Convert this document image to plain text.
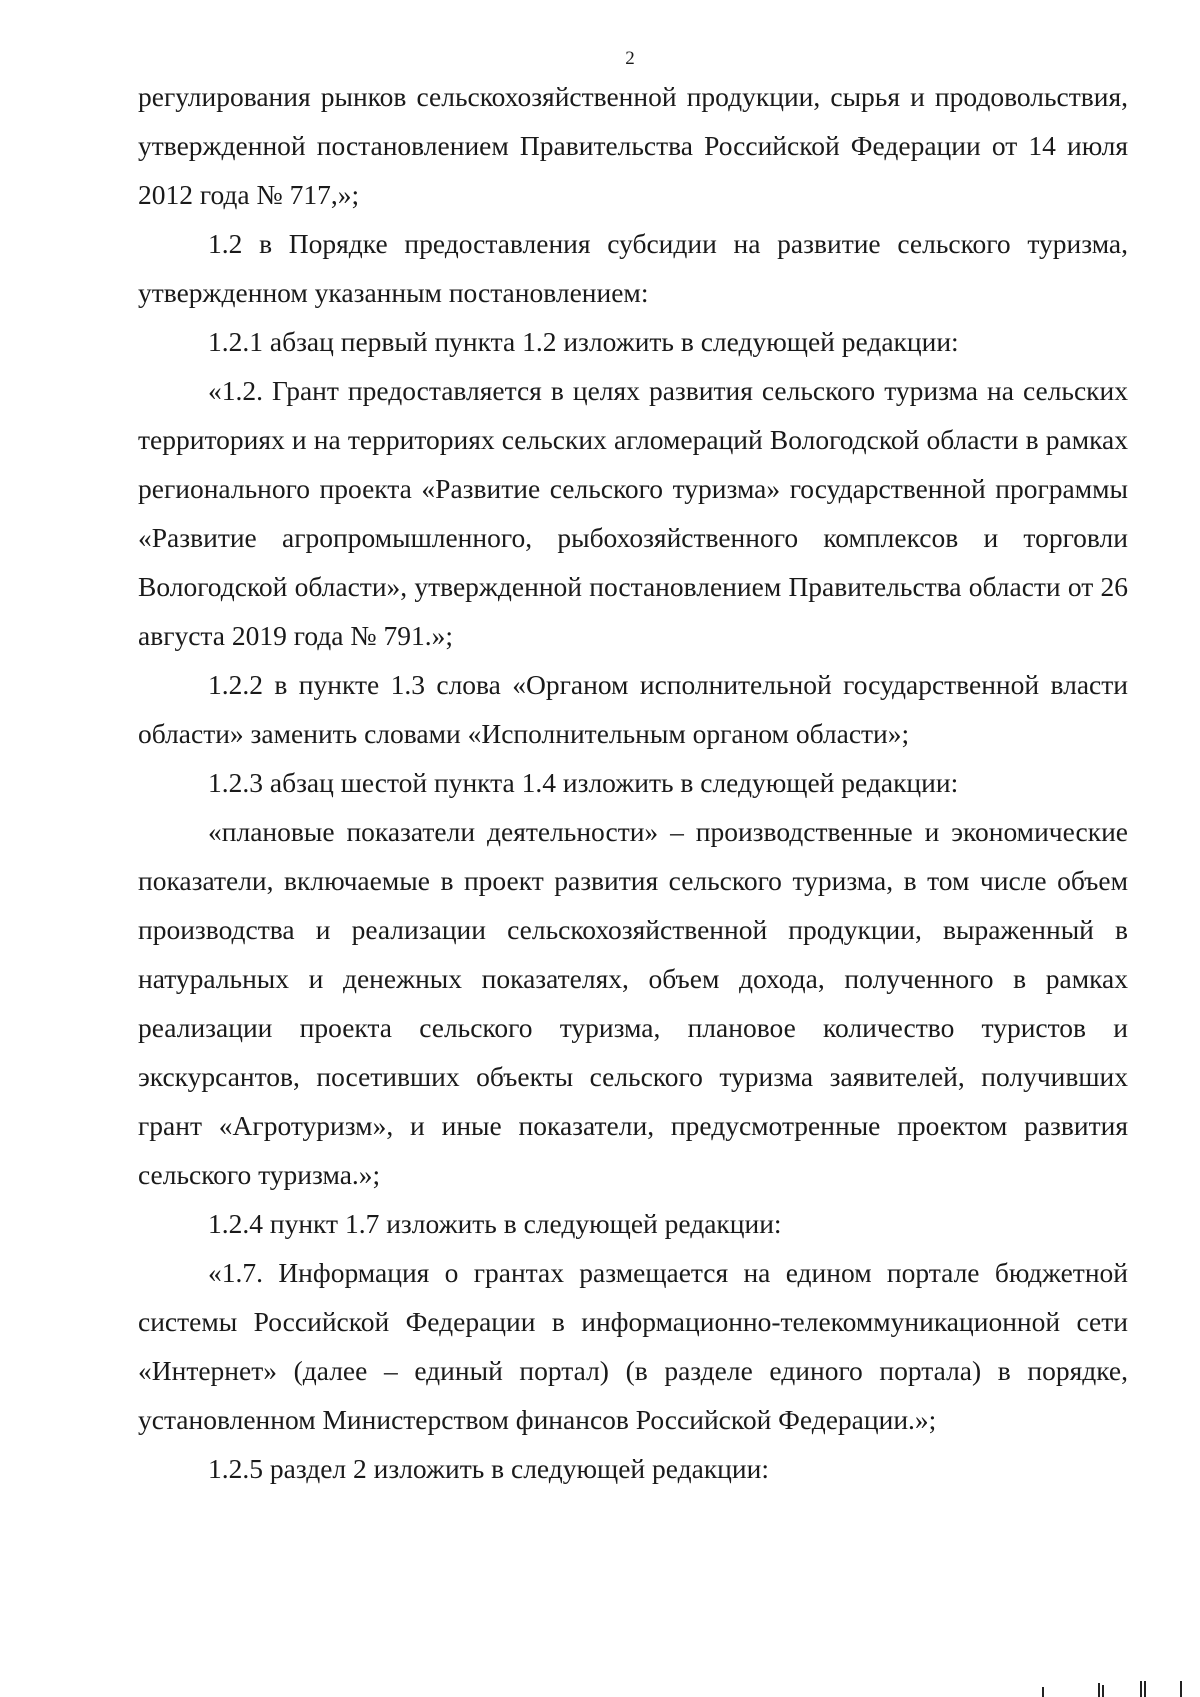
2

регулирования рынков сельскохозяйственной продукции, сырья и продовольствия, утвержденной постановлением Правительства Российской Федерации от 14 июля 2012 года № 717,»;

1.2 в Порядке предоставления субсидии на развитие сельского туризма, утвержденном указанным постановлением:

1.2.1 абзац первый пункта 1.2 изложить в следующей редакции:

«1.2. Грант предоставляется в целях развития сельского туризма на сельских территориях и на территориях сельских агломераций Вологодской области в рамках регионального проекта «Развитие сельского туризма» государственной программы «Развитие агропромышленного, рыбохозяйственного комплексов и торговли Вологодской области», утвержденной постановлением Правительства области от 26 августа 2019 года № 791.»;

1.2.2 в пункте 1.3 слова «Органом исполнительной государственной власти области» заменить словами «Исполнительным органом области»;

1.2.3 абзац шестой пункта 1.4 изложить в следующей редакции:

«плановые показатели деятельности» – производственные и экономические показатели, включаемые в проект развития сельского туризма, в том числе объем производства и реализации сельскохозяйственной продукции, выраженный в натуральных и денежных показателях, объем дохода, полученного в рамках реализации проекта сельского туризма, плановое количество туристов и экскурсантов, посетивших объекты сельского туризма заявителей, получивших грант «Агротуризм», и иные показатели, предусмотренные проектом развития сельского туризма.»;

1.2.4 пункт 1.7 изложить в следующей редакции:

«1.7. Информация о грантах размещается на едином портале бюджетной системы Российской Федерации в информационно-телекоммуникационной сети «Интернет» (далее – единый портал) (в разделе единого портала) в порядке, установленном Министерством финансов Российской Федерации.»;

1.2.5 раздел 2 изложить в следующей редакции:
